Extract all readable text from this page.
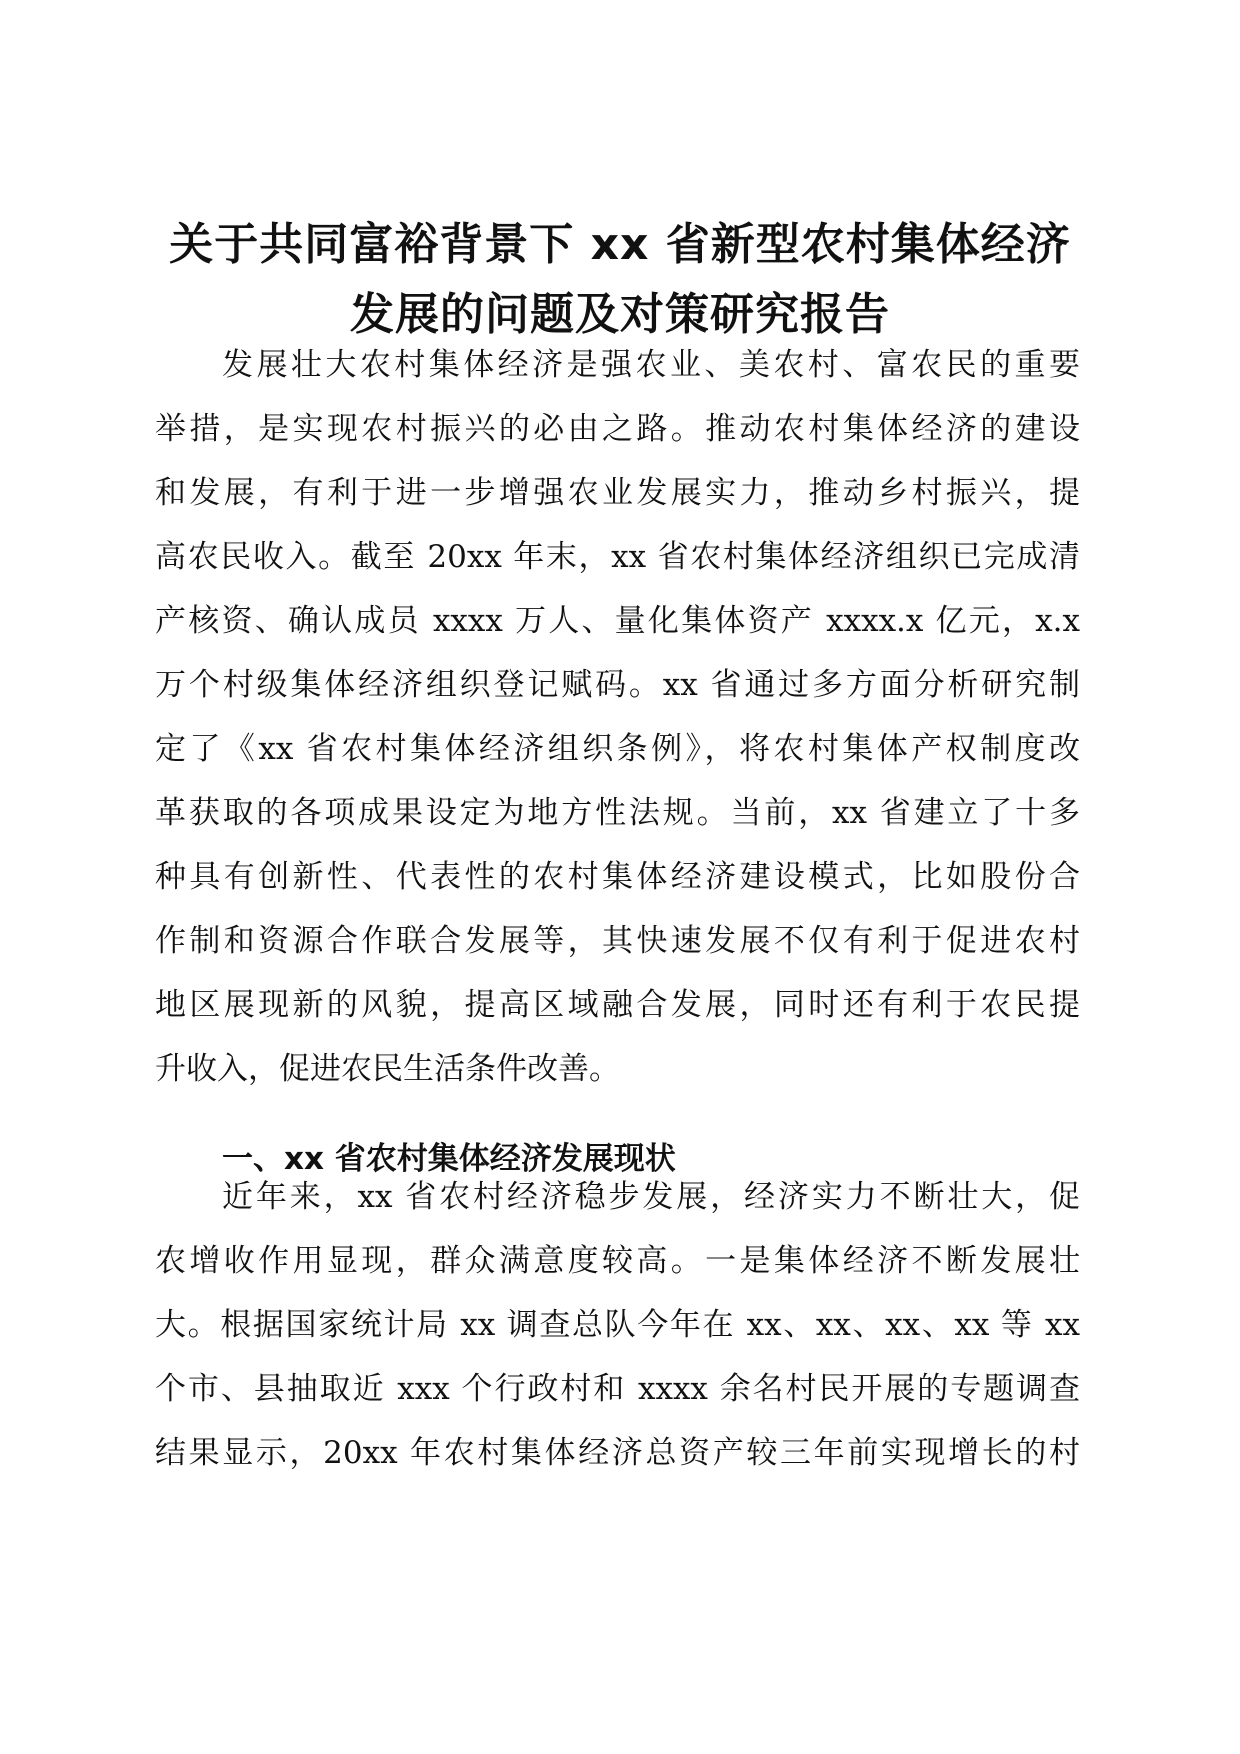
关于共同富裕背景下 xx 省新型农村集体经济
发展的问题及对策研究报告
发展壮大农村集体经济是强农业、美农村、富农民的重要
举措，是实现农村振兴的必由之路。推动农村集体经济的建设
和发展，有利于进一步增强农业发展实力，推动乡村振兴，提
高农民收入。截至 20xx 年末，xx 省农村集体经济组织已完成清
产核资、确认成员 xxxx 万人、量化集体资产 xxxx.x 亿元，x.x
万个村级集体经济组织登记赋码。xx 省通过多方面分析研究制
定了《xx 省农村集体经济组织条例》，将农村集体产权制度改
革获取的各项成果设定为地方性法规。当前，xx 省建立了十多
种具有创新性、代表性的农村集体经济建设模式，比如股份合
作制和资源合作联合发展等，其快速发展不仅有利于促进农村
地区展现新的风貌，提高区域融合发展，同时还有利于农民提
升收入，促进农民生活条件改善。
一、xx 省农村集体经济发展现状
近年来，xx 省农村经济稳步发展，经济实力不断壮大，促
农增收作用显现，群众满意度较高。一是集体经济不断发展壮
大。根据国家统计局 xx 调查总队今年在 xx、xx、xx、xx 等 xx
个市、县抽取近 xxx 个行政村和 xxxx 余名村民开展的专题调查
结果显示，20xx 年农村集体经济总资产较三年前实现增长的村
